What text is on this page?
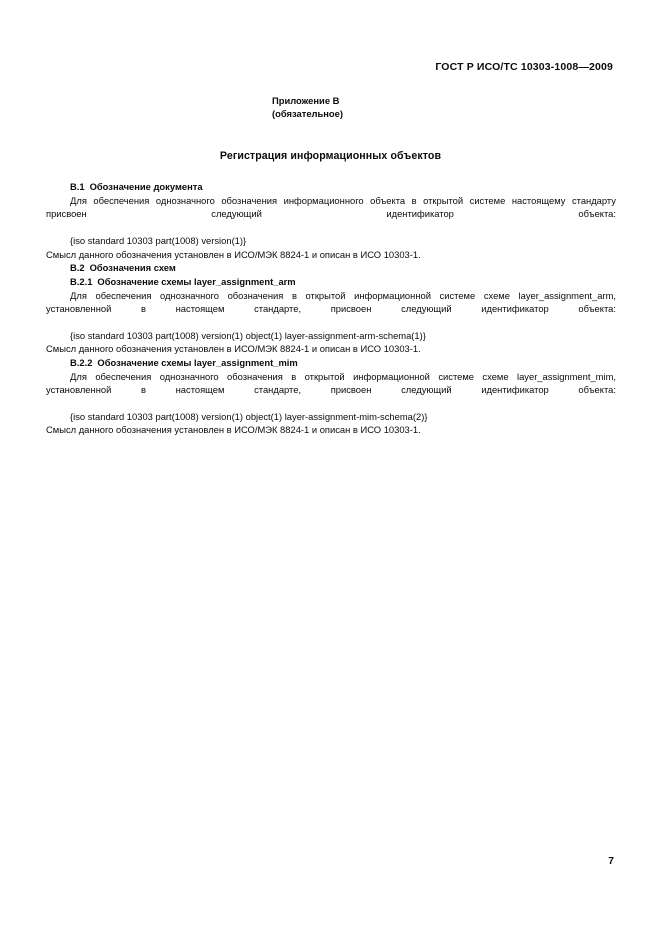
ГОСТ Р ИСО/ТС 10303-1008—2009
Приложение В
(обязательное)
Регистрация информационных объектов

B.1 Обозначение документа

Для обеспечения однозначного обозначения информационного объекта в открытой системе настоящему стандарту присвоен следующий идентификатор объекта:

{iso standard 10303 part(1008) version(1)}

Смысл данного обозначения установлен в ИСО/МЭК 8824-1 и описан в ИСО 10303-1.

B.2 Обозначения схем

B.2.1 Обозначение схемы layer_assignment_arm

Для обеспечения однозначного обозначения в открытой информационной системе схеме layer_assignment_arm, установленной в настоящем стандарте, присвоен следующий идентификатор объекта:

{iso standard 10303 part(1008) version(1) object(1) layer-assignment-arm-schema(1)}

Смысл данного обозначения установлен в ИСО/МЭК 8824-1 и описан в ИСО 10303-1.

B.2.2 Обозначение схемы layer_assignment_mim

Для обеспечения однозначного обозначения в открытой информационной системе схеме layer_assignment_mim, установленной в настоящем стандарте, присвоен следующий идентификатор объекта:

{iso standard 10303 part(1008) version(1) object(1) layer-assignment-mim-schema(2)}

Смысл данного обозначения установлен в ИСО/МЭК 8824-1 и описан в ИСО 10303-1.

7
